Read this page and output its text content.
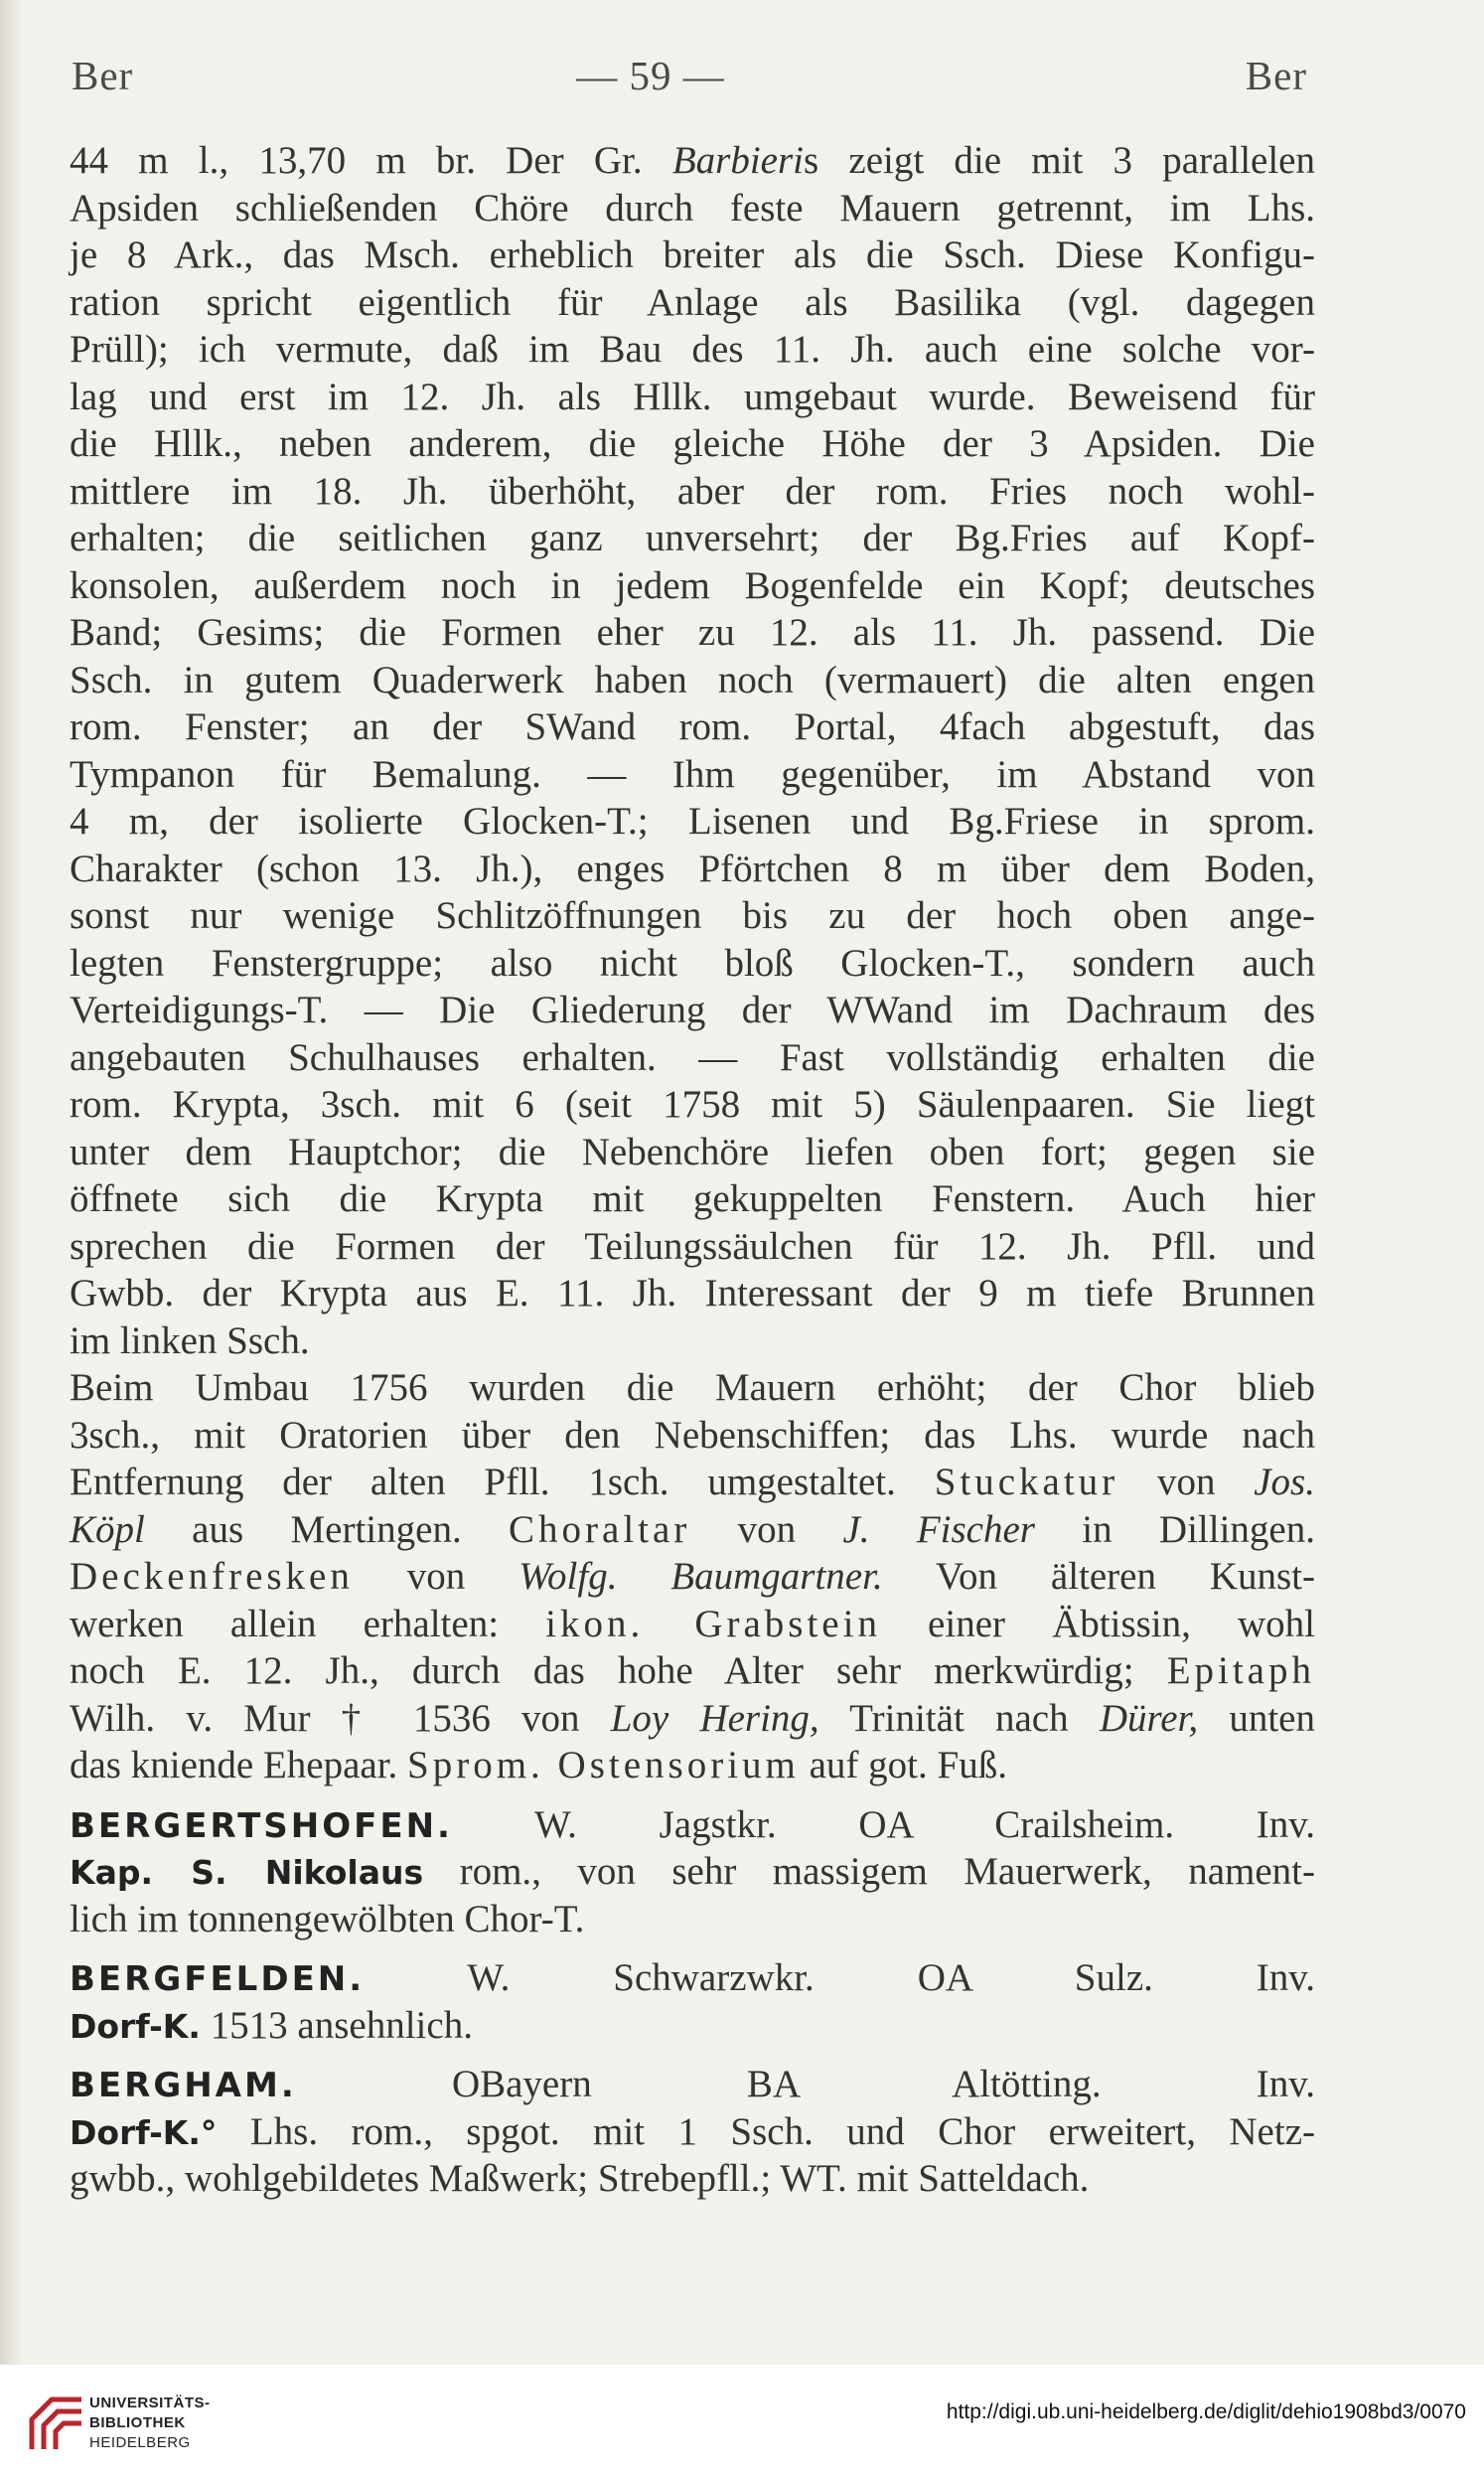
Ber	— 59 —	Ber
44 m l., 13,70 m br. Der Gr. Barbieris zeigt die mit 3 parallelen
Apsiden schließenden Chöre durch feste Mauern getrennt, im Lhs.
je 8 Ark., das Msch. erheblich breiter als die Ssch. Diese Konfigu-
ration spricht eigentlich für Anlage als Basilika (vgl. dagegen
Prüll); ich vermute, daß im Bau des 11. Jh. auch eine solche vor-
lag und erst im 12. Jh. als Hllk. umgebaut wurde. Beweisend für
die Hllk., neben anderem, die gleiche Höhe der 3 Apsiden. Die
mittlere im 18. Jh. überhöht, aber der rom. Fries noch wohl-
erhalten; die seitlichen ganz unversehrt; der Bg.Fries auf Kopf-
konsolen, außerdem noch in jedem Bogenfelde ein Kopf; deutsches
Band; Gesims; die Formen eher zu 12. als 11. Jh. passend. Die
Ssch. in gutem Quaderwerk haben noch (vermauert) die alten engen
rom. Fenster; an der SWand rom. Portal, 4fach abgestuft, das
Tympanon für Bemalung. — Ihm gegenüber, im Abstand von
4 m, der isolierte Glocken-T.; Lisenen und Bg.Friese in sprom.
Charakter (schon 13. Jh.), enges Pförtchen 8 m über dem Boden,
sonst nur wenige Schlitzöffnungen bis zu der hoch oben ange-
legten Fenstergruppe; also nicht bloß Glocken-T., sondern auch
Verteidigungs-T. — Die Gliederung der WWand im Dachraum des
angebauten Schulhauses erhalten. — Fast vollständig erhalten die
rom. Krypta, 3sch. mit 6 (seit 1758 mit 5) Säulenpaaren. Sie liegt
unter dem Hauptchor; die Nebenchöre liefen oben fort; gegen sie
öffnete sich die Krypta mit gekuppelten Fenstern. Auch hier
sprechen die Formen der Teilungssäulchen für 12. Jh. Pfll. und
Gwbb. der Krypta aus E. 11. Jh. Interessant der 9 m tiefe Brunnen
im linken Ssch.
Beim Umbau 1756 wurden die Mauern erhöht; der Chor blieb
3sch., mit Oratorien über den Nebenschiffen; das Lhs. wurde nach
Entfernung der alten Pfll. 1sch. umgestaltet. Stuckatur von Jos.
Köpl aus Mertingen. Choraltar von J. Fischer in Dillingen.
Deckenfresken von Wolfg. Baumgartner. Von älteren Kunst-
werken allein erhalten: ikon. Grabstein einer Äbtissin, wohl
noch E. 12. Jh., durch das hohe Alter sehr merkwürdig; Epitaph
Wilh. v. Mur † 1536 von Loy Hering, Trinität nach Dürer, unten
das kniende Ehepaar. Sprom. Ostensorium auf got. Fuß.
BERGERTSHOFEN. W. Jagstkr. OA Crailsheim. Inv.
Kap. S. Nikolaus rom., von sehr massigem Mauerwerk, nament-
lich im tonnengewölbten Chor-T.
BERGFELDEN. W. Schwarzwkr. OA Sulz. Inv.
Dorf-K. 1513 ansehnlich.
BERGHAM. OBayern BA Altötting. Inv.
Dorf-K.° Lhs. rom., spgot. mit 1 Ssch. und Chor erweitert, Netz-
gwbb., wohlgebildetes Maßwerk; Strebepfll.; WT. mit Satteldach.
UNIVERSITÄTS-
BIBLIOTHEK
HEIDELBERG
http://digi.ub.uni-heidelberg.de/diglit/dehio1908bd3/0070
